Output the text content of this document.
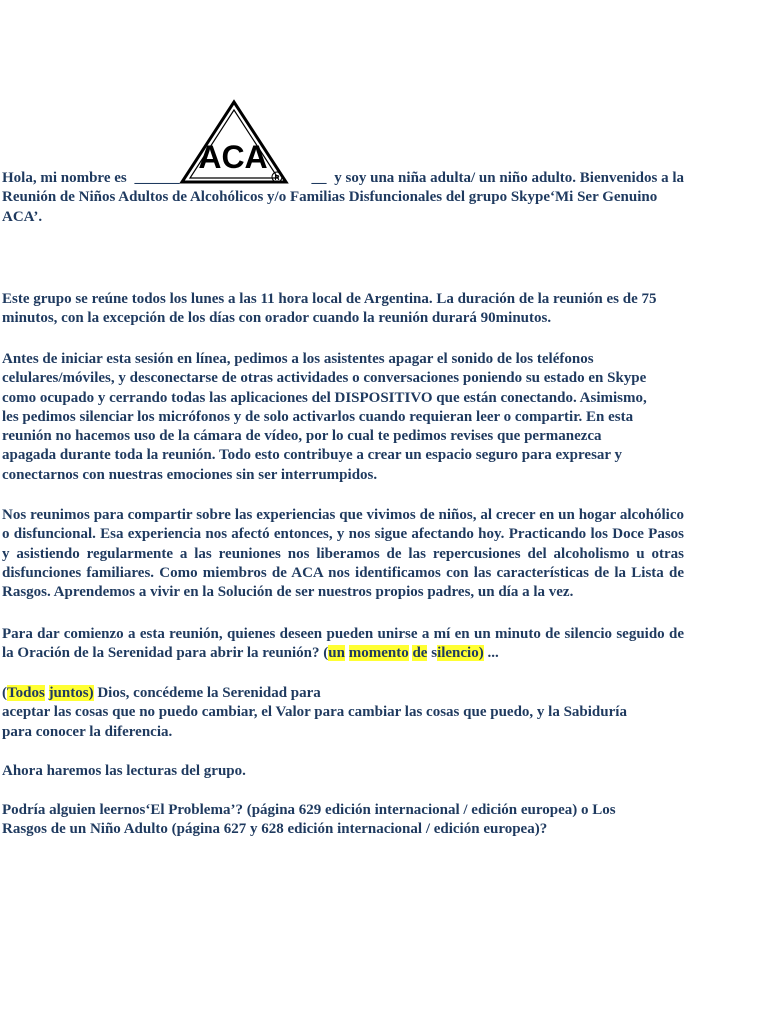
ACA
R
Hola, mi nombre es ______	__ y soy una niña adulta/ un niño adulto. Bienvenidos a la
Reunión de Niños Adultos de Alcohólicos y/o Familias Disfuncionales del grupo Skype‘Mi Ser Genuino
ACA’.

Este grupo se reúne todos los lunes a las 11 hora local de Argentina. La duración de la reunión es de 75 minutos, con la excepción de los días con orador cuando la reunión durará 90minutos.

Antes de iniciar esta sesión en línea, pedimos a los asistentes apagar el sonido de los teléfonos
celulares/móviles, y desconectarse de otras actividades o conversaciones poniendo su estado en Skype
como ocupado y cerrando todas las aplicaciones del DISPOSITIVO que están conectando. Asimismo,
les pedimos silenciar los micrófonos y de solo activarlos cuando requieran leer o compartir. En esta
reunión no hacemos uso de la cámara de vídeo, por lo cual te pedimos revises que permanezca
apagada durante toda la reunión. Todo esto contribuye a crear un espacio seguro para expresar y
conectarnos con nuestras emociones sin ser interrumpidos.

Nos reunimos para compartir sobre las experiencias que vivimos de niños, al crecer en un hogar alcohólico o disfuncional. Esa experiencia nos afectó entonces, y nos sigue afectando hoy. Practicando los Doce Pasos y asistiendo regularmente a las reuniones nos liberamos de las repercusiones del alcoholismo u otras disfunciones familiares. Como miembros de ACA nos identificamos con las características de la Lista de Rasgos. Aprendemos a vivir en la Solución de ser nuestros propios padres, un día a la vez.

Para dar comienzo a esta reunión, quienes deseen pueden unirse a mí en un minuto de silencio seguido de la Oración de la Serenidad para abrir la reunión? (un momento de silencio) ...

(Todos juntos) Dios, concédeme la Serenidad para
aceptar las cosas que no puedo cambiar, el Valor para cambiar las cosas que puedo, y la Sabiduría
para conocer la diferencia.

Ahora haremos las lecturas del grupo.

Podría alguien leernos‘El Problema’? (página 629 edición internacional / edición europea) o Los
Rasgos de un Niño Adulto (página 627 y 628 edición internacional / edición europea)?
